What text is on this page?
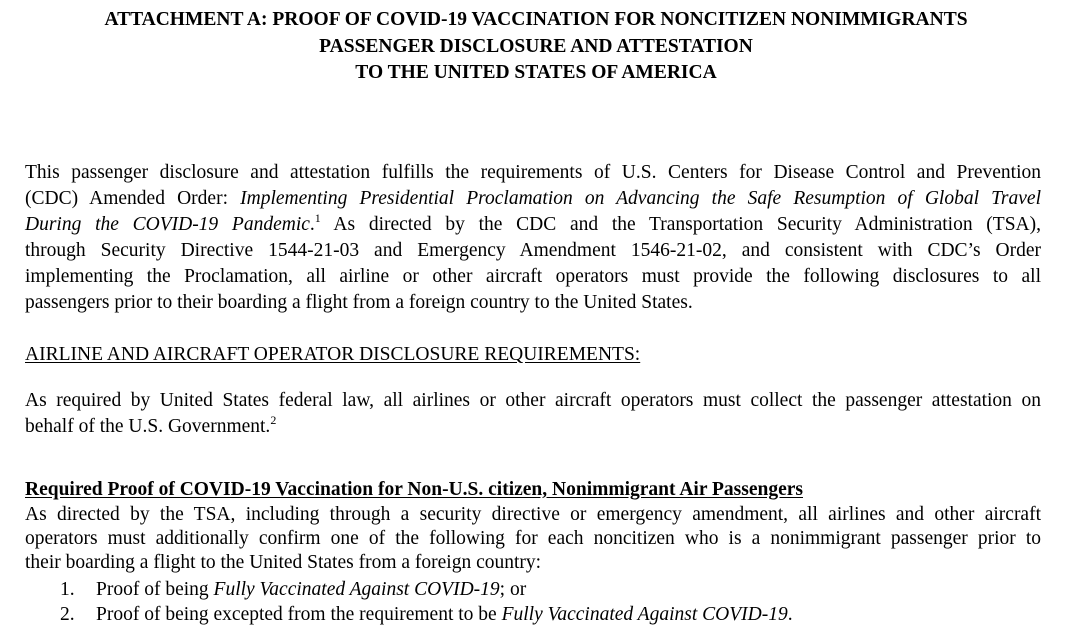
ATTACHMENT A: PROOF OF COVID-19 VACCINATION FOR NONCITIZEN NONIMMIGRANTS
PASSENGER DISCLOSURE AND ATTESTATION
TO THE UNITED STATES OF AMERICA
This passenger disclosure and attestation fulfills the requirements of U.S. Centers for Disease Control and Prevention
(CDC) Amended Order: Implementing Presidential Proclamation on Advancing the Safe Resumption of Global Travel
During the COVID-19 Pandemic.$^1$ As directed by the CDC and the Transportation Security Administration (TSA),
through Security Directive 1544-21-03 and Emergency Amendment 1546-21-02, and consistent with CDC’s Order
implementing the Proclamation, all airline or other aircraft operators must provide the following disclosures to all
passengers prior to their boarding a flight from a foreign country to the United States.
AIRLINE AND AIRCRAFT OPERATOR DISCLOSURE REQUIREMENTS:
As required by United States federal law, all airlines or other aircraft operators must collect the passenger attestation on
behalf of the U.S. Government.$^2$
Required Proof of COVID-19 Vaccination for Non-U.S. citizen, Nonimmigrant Air Passengers
As directed by the TSA, including through a security directive or emergency amendment, all airlines and other aircraft
operators must additionally confirm one of the following for each noncitizen who is a nonimmigrant passenger prior to
their boarding a flight to the United States from a foreign country:
1.	Proof of being Fully Vaccinated Against COVID-19; or
2.	Proof of being excepted from the requirement to be Fully Vaccinated Against COVID-19.
